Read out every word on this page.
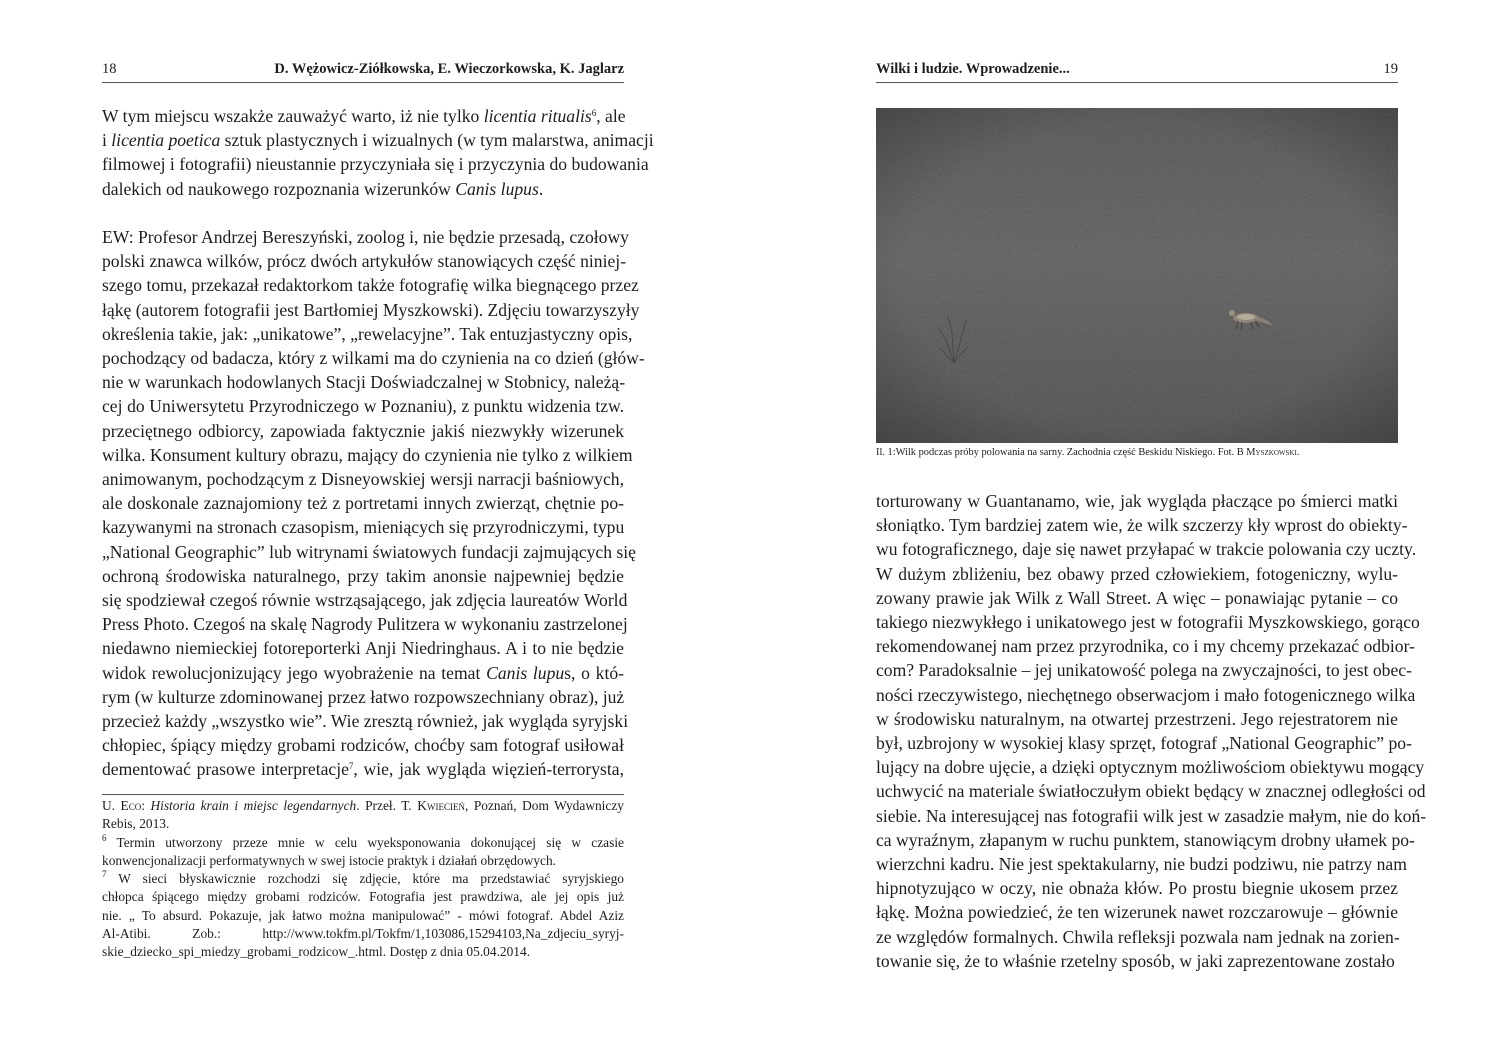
18	D. Wężowicz-Ziółkowska, E. Wieczorkowska, K. Jaglarz
W tym miejscu wszakże zauważyć warto, iż nie tylko licentia ritualis$^6$, ale
i licentia poetica sztuk plastycznych i wizualnych (w tym malarstwa, animacji
filmowej i fotografii) nieustannie przyczyniała się i przyczynia do budowania
dalekich od naukowego rozpoznania wizerunków Canis lupus.
EW: Profesor Andrzej Bereszyński, zoolog i, nie będzie przesadą, czołowy
polski znawca wilków, prócz dwóch artykułów stanowiących część niniej-
szego tomu, przekazał redaktorkom także fotografię wilka biegnącego przez
łąkę (autorem fotografii jest Bartłomiej Myszkowski). Zdjęciu towarzyszyły
określenia takie, jak: „unikatowe”, „rewelacyjne”. Tak entuzjastyczny opis,
pochodzący od badacza, który z wilkami ma do czynienia na co dzień (głów-
nie w warunkach hodowlanych Stacji Doświadczalnej w Stobnicy, należą-
cej do Uniwersytetu Przyrodniczego w Poznaniu), z punktu widzenia tzw.
przeciętnego odbiorcy, zapowiada faktycznie jakiś niezwykły wizerunek
wilka. Konsument kultury obrazu, mający do czynienia nie tylko z wilkiem
animowanym, pochodzącym z Disneyowskiej wersji narracji baśniowych,
ale doskonale zaznajomiony też z portretami innych zwierząt, chętnie po-
kazywanymi na stronach czasopism, mieniących się przyrodniczymi, typu
„National Geographic” lub witrynami światowych fundacji zajmujących się
ochroną środowiska naturalnego, przy takim anonsie najpewniej będzie
się spodziewał czegoś równie wstrząsającego, jak zdjęcia laureatów World
Press Photo. Czegoś na skalę Nagrody Pulitzera w wykonaniu zastrzelonej
niedawno niemieckiej fotoreporterki Anji Niedringhaus. A i to nie będzie
widok rewolucjonizujący jego wyobrażenie na temat Canis lupus, o któ-
rym (w kulturze zdominowanej przez łatwo rozpowszechniany obraz), już
przecież każdy „wszystko wie”. Wie zresztą również, jak wygląda syryjski
chłopiec, śpiący między grobami rodziców, choćby sam fotograf usiłował
dementować prasowe interpretacje$^7$, wie, jak wygląda więzień-terrorysta,
U. Eco: Historia krain i miejsc legendarnych. Przeł. T. Kwiecień, Poznań, Dom Wydawniczy
Rebis, 2013.
$^6$ Termin utworzony przeze mnie w celu wyeksponowania dokonującej się w czasie
konwencjonalizacji performatywnych w swej istocie praktyk i działań obrzędowych.
$^7$ W sieci błyskawicznie rozchodzi się zdjęcie, które ma przedstawiać syryjskiego
chłopca śpiącego między grobami rodziców. Fotografia jest prawdziwa, ale jej opis już
nie. „ To absurd. Pokazuje, jak łatwo można manipulować” - mówi fotograf. Abdel Aziz
Al-Atibi. Zob.: http://www.tokfm.pl/Tokfm/1,103086,15294103,Na_zdjeciu_syryj-
skie_dziecko_spi_miedzy_grobami_rodzicow_.html. Dostęp z dnia 05.04.2014.
Wilki i ludzie. Wprowadzenie...	19
Il. 1:Wilk podczas próby polowania na sarny. Zachodnia część Beskidu Niskiego. Fot. B Myszkowski.
torturowany w Guantanamo, wie, jak wygląda płaczące po śmierci matki
słoniątko. Tym bardziej zatem wie, że wilk szczerzy kły wprost do obiekty-
wu fotograficznego, daje się nawet przyłapać w trakcie polowania czy uczty.
W dużym zbliżeniu, bez obawy przed człowiekiem, fotogeniczny, wylu-
zowany prawie jak Wilk z Wall Street. A więc – ponawiając pytanie – co
takiego niezwykłego i unikatowego jest w fotografii Myszkowskiego, gorąco
rekomendowanej nam przez przyrodnika, co i my chcemy przekazać odbior-
com? Paradoksalnie – jej unikatowość polega na zwyczajności, to jest obec-
ności rzeczywistego, niechętnego obserwacjom i mało fotogenicznego wilka
w środowisku naturalnym, na otwartej przestrzeni. Jego rejestratorem nie
był, uzbrojony w wysokiej klasy sprzęt, fotograf „National Geographic” po-
lujący na dobre ujęcie, a dzięki optycznym możliwościom obiektywu mogący
uchwycić na materiale światłoczułym obiekt będący w znacznej odległości od
siebie. Na interesującej nas fotografii wilk jest w zasadzie małym, nie do koń-
ca wyraźnym, złapanym w ruchu punktem, stanowiącym drobny ułamek po-
wierzchni kadru. Nie jest spektakularny, nie budzi podziwu, nie patrzy nam
hipnotyzująco w oczy, nie obnaża kłów. Po prostu biegnie ukosem przez
łąkę. Można powiedzieć, że ten wizerunek nawet rozczarowuje – głównie
ze względów formalnych. Chwila refleksji pozwala nam jednak na zorien-
towanie się, że to właśnie rzetelny sposób, w jaki zaprezentowane zostało
